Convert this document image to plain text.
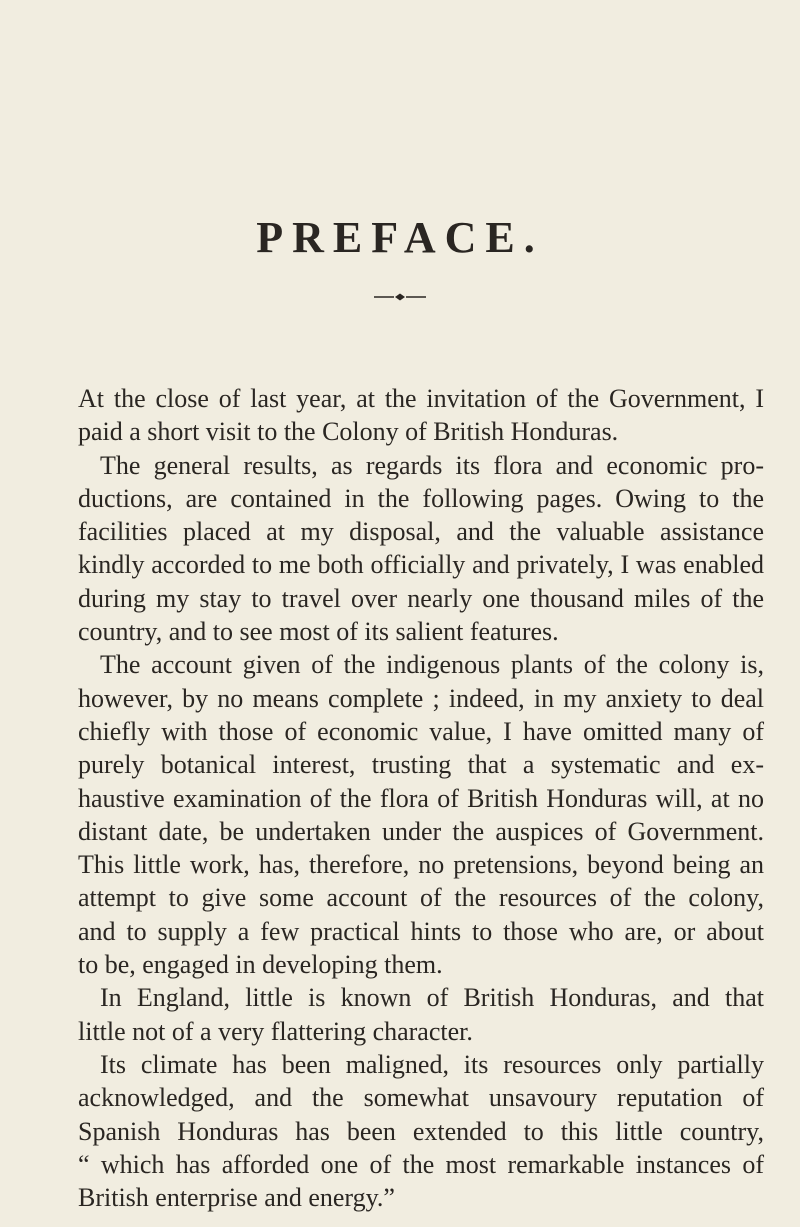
PREFACE.
At the close of last year, at the invitation of the Government, I
paid a short visit to the Colony of British Honduras.
The general results, as regards its flora and economic pro-
ductions, are contained in the following pages. Owing to the
facilities placed at my disposal, and the valuable assistance
kindly accorded to me both officially and privately, I was enabled
during my stay to travel over nearly one thousand miles of the
country, and to see most of its salient features.
The account given of the indigenous plants of the colony is,
however, by no means complete ; indeed, in my anxiety to deal
chiefly with those of economic value, I have omitted many of
purely botanical interest, trusting that a systematic and ex-
haustive examination of the flora of British Honduras will, at no
distant date, be undertaken under the auspices of Government.
This little work, has, therefore, no pretensions, beyond being an
attempt to give some account of the resources of the colony,
and to supply a few practical hints to those who are, or about
to be, engaged in developing them.
In England, little is known of British Honduras, and that
little not of a very flattering character.
Its climate has been maligned, its resources only partially
acknowledged, and the somewhat unsavoury reputation of
Spanish Honduras has been extended to this little country,
“ which has afforded one of the most remarkable instances of
British enterprise and energy.”
